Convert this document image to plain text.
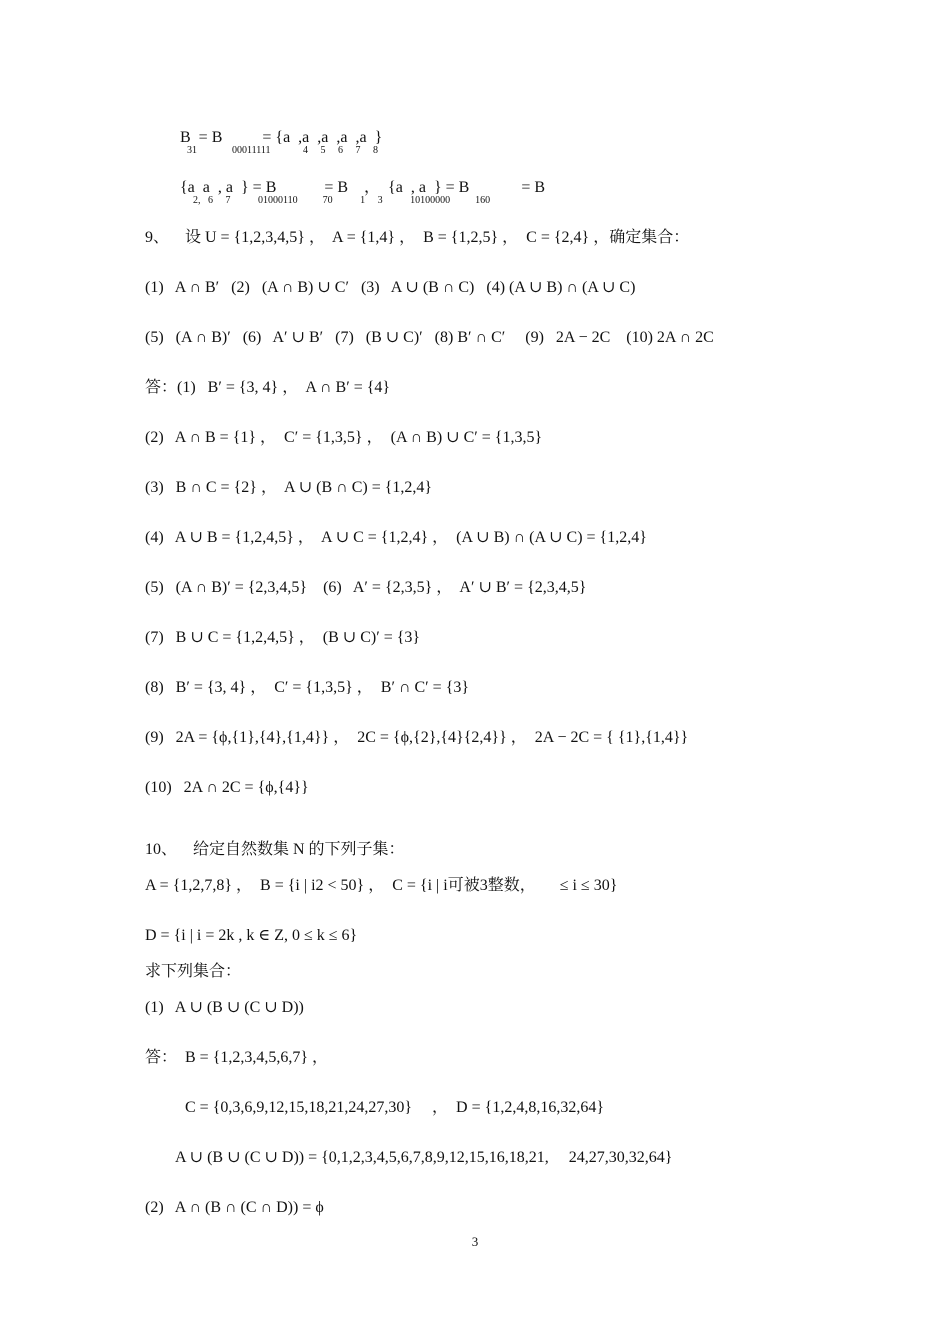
B  = B          = {a  ,a  ,a  ,a  ,a  }
31              00011111             4     5     6     7     8
{a  a  , a  } = B            = B    ，  {a  , a  } = B             = B
2,   6     7           01000110          70           1     3           10100000          160
9、    设 U = {1,2,3,4,5} ，  A = {1,4} ，  B = {1,2,5} ，  C = {2,4} ，确定集合：
(1)   A ∩ B′   (2)   (A ∩ B) ∪ C′   (3)   A ∪ (B ∩ C)   (4) (A ∪ B) ∩ (A ∪ C)
(5)   (A ∩ B)′   (6)   A′ ∪ B′   (7)   (B ∪ C)′   (8) B′ ∩ C′     (9)   2A − 2C    (10) 2A ∩ 2C
答：(1)   B′ = {3, 4} ，  A ∩ B′ = {4}
(2)   A ∩ B = {1} ，  C′ = {1,3,5} ，  (A ∩ B) ∪ C′ = {1,3,5}
(3)   B ∩ C = {2} ，  A ∪ (B ∩ C) = {1,2,4}
(4)   A ∪ B = {1,2,4,5} ，  A ∪ C = {1,2,4} ，  (A ∪ B) ∩ (A ∪ C) = {1,2,4}
(5)   (A ∩ B)′ = {2,3,4,5}    (6)   A′ = {2,3,5} ，  A′ ∪ B′ = {2,3,4,5}
(7)   B ∪ C = {1,2,4,5} ，  (B ∪ C)′ = {3}
(8)   B′ = {3, 4} ，  C′ = {1,3,5} ，  B′ ∩ C′ = {3}
(9)   2A = {ϕ,{1},{4},{1,4}} ，  2C = {ϕ,{2},{4}{2,4}} ，  2A − 2C = { {1},{1,4}}
(10)   2A ∩ 2C = {ϕ,{4}}
10、    给定自然数集 N 的下列子集：
A = {1,2,7,8} ，  B = {i | i2 < 50} ，  C = {i | i可被3整数，      ≤ i ≤ 30}
D = {i | i = 2k , k ∈ Z, 0 ≤ k ≤ 6}
求下列集合：
(1)   A ∪ (B ∪ (C ∪ D))
答：  B = {1,2,3,4,5,6,7} ，
C = {0,3,6,9,12,15,18,21,24,27,30}     ，  D = {1,2,4,8,16,32,64}
A ∪ (B ∪ (C ∪ D)) = {0,1,2,3,4,5,6,7,8,9,12,15,16,18,21,     24,27,30,32,64}
(2)   A ∩ (B ∩ (C ∩ D)) = ϕ
3
